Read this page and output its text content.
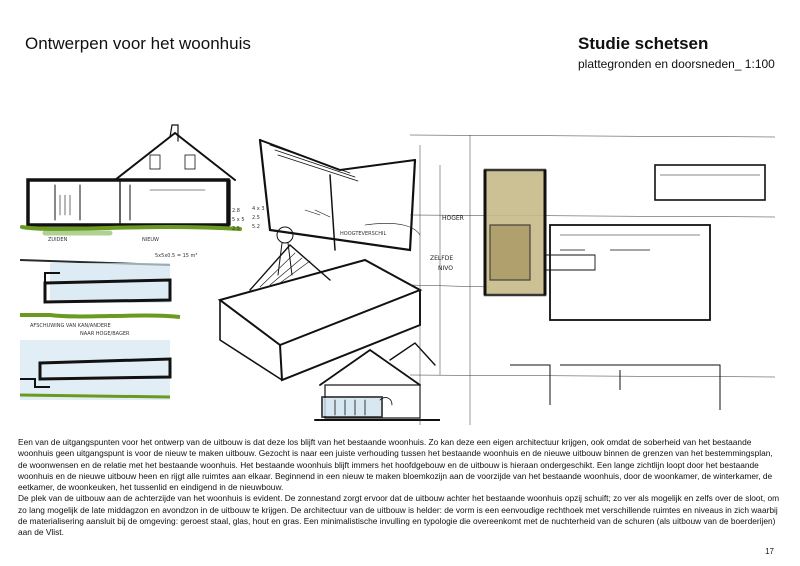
Ontwerpen voor het woonhuis	Studie schetsen

plattegronden en doorsneden_ 1:100

ZUIDEN	NIEUW
5x5x0.5 = 15 m³
2.8
5 x 5
2.5
4 x 3
2.5
5.2
AFSCHUWING VAN KAN/ANDERE
NAAR HOGE/BAGER
HOOGTEVERSCHIL
HOGER
ZELFDE
NIVO

Een van de uitgangspunten voor het ontwerp van de uitbouw is dat deze los blijft van het bestaande woonhuis. Zo kan deze een eigen architectuur krijgen, ook omdat de soberheid van het bestaande woonhuis geen uitgangspunt is voor de nieuw te maken uitbouw. Gezocht is naar een juiste verhouding tussen het bestaande woonhuis en de nieuwe uitbouw binnen de grenzen van het bestemmingsplan, de woonwensen en de relatie met het bestaande woonhuis. Het bestaande woonhuis blijft immers het hoofdgebouw en de uitbouw is hieraan ondergeschikt. Een lange zichtlijn loopt door het bestaande woonhuis en de nieuwe uitbouw heen en rijgt alle ruimtes aan elkaar. Beginnend in een nieuw te maken bloemkozijn aan de voorzijde van het bestaande woonhuis, door de woonkamer, de winterkamer, de eetkamer, de woonkeuken, het tussenlid en eindigend in de nieuwbouw.

De plek van de uitbouw aan de achterzijde van het woonhuis is evident. De zonnestand zorgt ervoor dat de uitbouw achter het bestaande woonhuis opzij schuift; zo ver als mogelijk en zelfs over de sloot, om zo lang mogelijk de late middagzon en avondzon in de uitbouw te krijgen. De architectuur van de uitbouw is helder: de vorm is een eenvoudige rechthoek met verschillende ruimtes en niveaus in zich waarbij de materialisering aansluit bij de omgeving: geroest staal, glas, hout en gras. Een minimalistische invulling en typologie die overeenkomt met de nuchterheid van de schuren (als uitbouw van de boerderijen) aan de Vlist.

17
